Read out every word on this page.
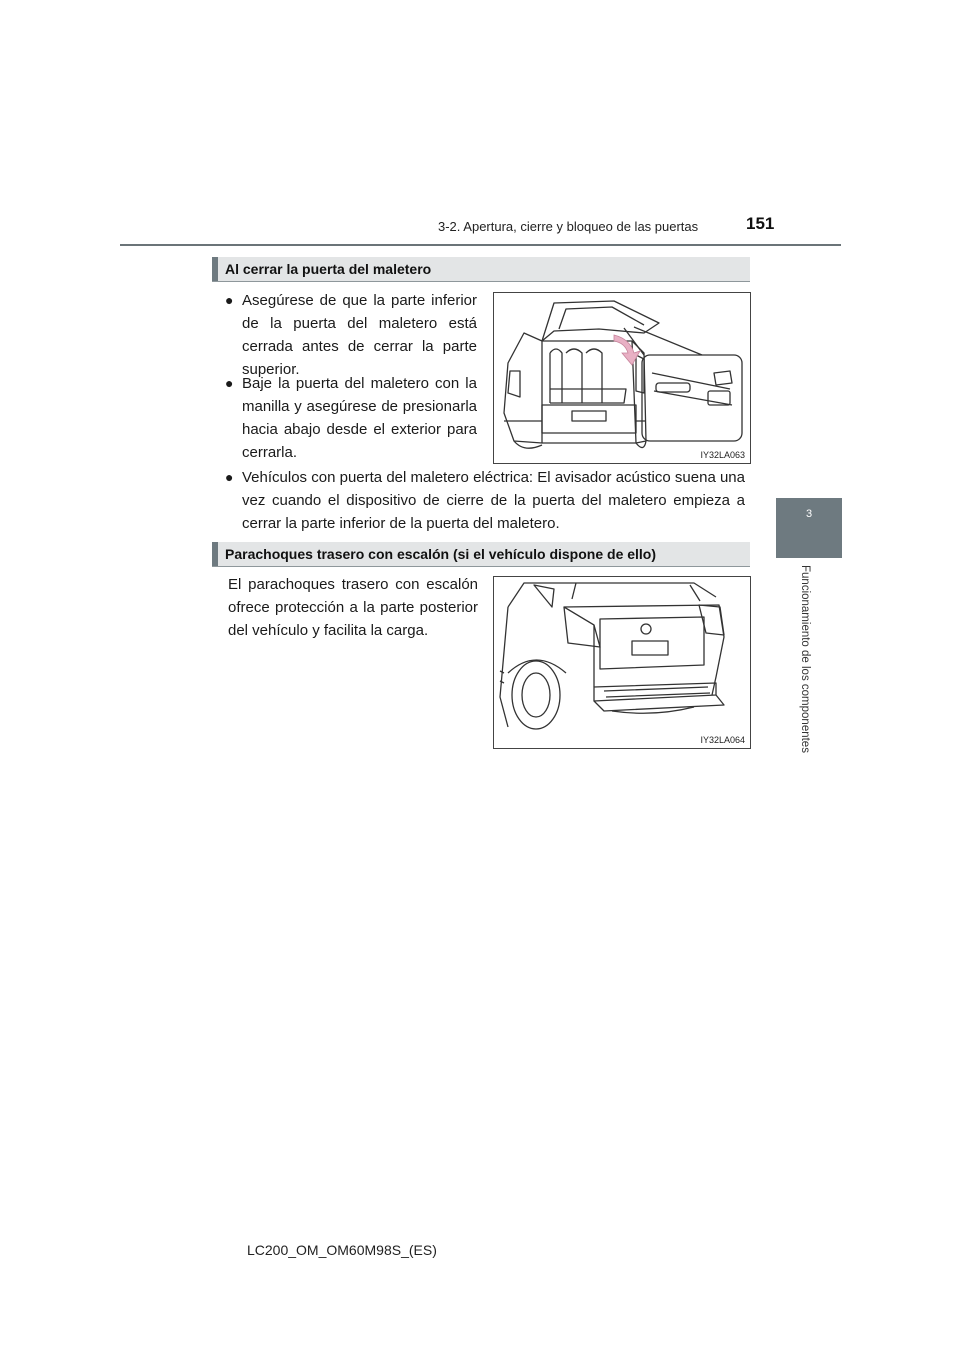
3-2. Apertura, cierre y bloqueo de las puertas	151
3
Funcionamiento de los componentes
Al cerrar la puerta del maletero
● Asegúrese de que la parte inferior de la puerta del maletero está cerrada antes de cerrar la parte superior.
● Baje la puerta del maletero con la manilla y asegúrese de presionarla hacia abajo desde el exterior para cerrarla.	IY32LA063
● Vehículos con puerta del maletero eléctrica: El avisador acústico suena una vez cuando el dispositivo de cierre de la puerta del maletero empieza a cerrar la parte inferior de la puerta del maletero.
Parachoques trasero con escalón (si el vehículo dispone de ello)
El parachoques trasero con escalón ofrece protección a la parte posterior del vehículo y facilita la carga.
IY32LA064
LC200_OM_OM60M98S_(ES)
